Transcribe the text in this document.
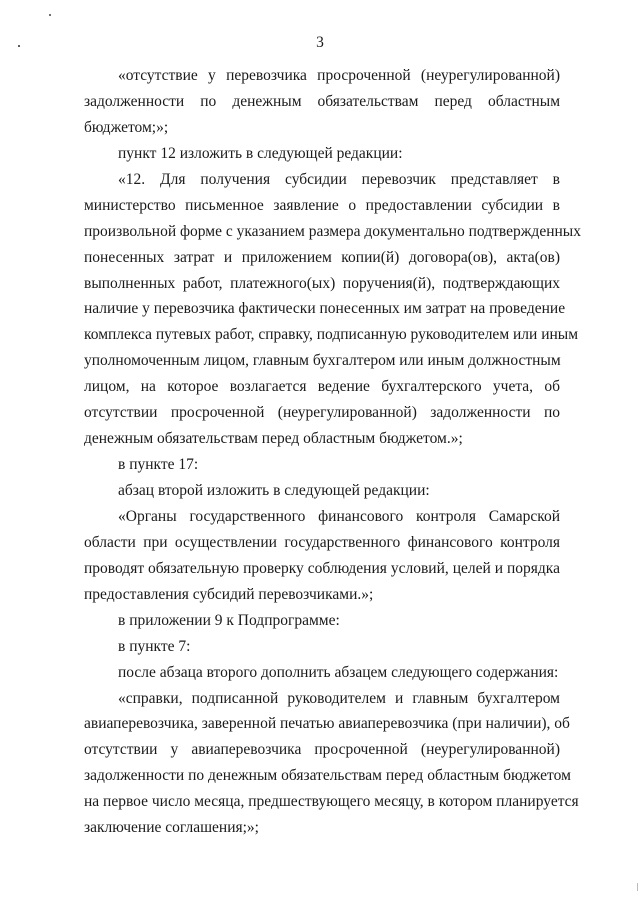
3
«отсутствие у перевозчика просроченной (неурегулированной)
задолженности по денежным обязательствам перед областным
бюджетом;»;
пункт 12 изложить в следующей редакции:
«12. Для получения субсидии перевозчик представляет в
министерство письменное заявление о предоставлении субсидии в
произвольной форме с указанием размера документально подтвержденных
понесенных затрат и приложением копии(й) договора(ов), акта(ов)
выполненных работ, платежного(ых) поручения(й), подтверждающих
наличие у перевозчика фактически понесенных им затрат на проведение
комплекса путевых работ, справку, подписанную руководителем или иным
уполномоченным лицом, главным бухгалтером или иным должностным
лицом, на которое возлагается ведение бухгалтерского учета, об
отсутствии просроченной (неурегулированной) задолженности по
денежным обязательствам перед областным бюджетом.»;
в пункте 17:
абзац второй изложить в следующей редакции:
«Органы государственного финансового контроля Самарской
области при осуществлении государственного финансового контроля
проводят обязательную проверку соблюдения условий, целей и порядка
предоставления субсидий перевозчиками.»;
в приложении 9 к Подпрограмме:
в пункте 7:
после абзаца второго дополнить абзацем следующего содержания:
«справки, подписанной руководителем и главным бухгалтером
авиаперевозчика, заверенной печатью авиаперевозчика (при наличии), об
отсутствии у авиаперевозчика просроченной (неурегулированной)
задолженности по денежным обязательствам перед областным бюджетом
на первое число месяца, предшествующего месяцу, в котором планируется
заключение соглашения;»;
